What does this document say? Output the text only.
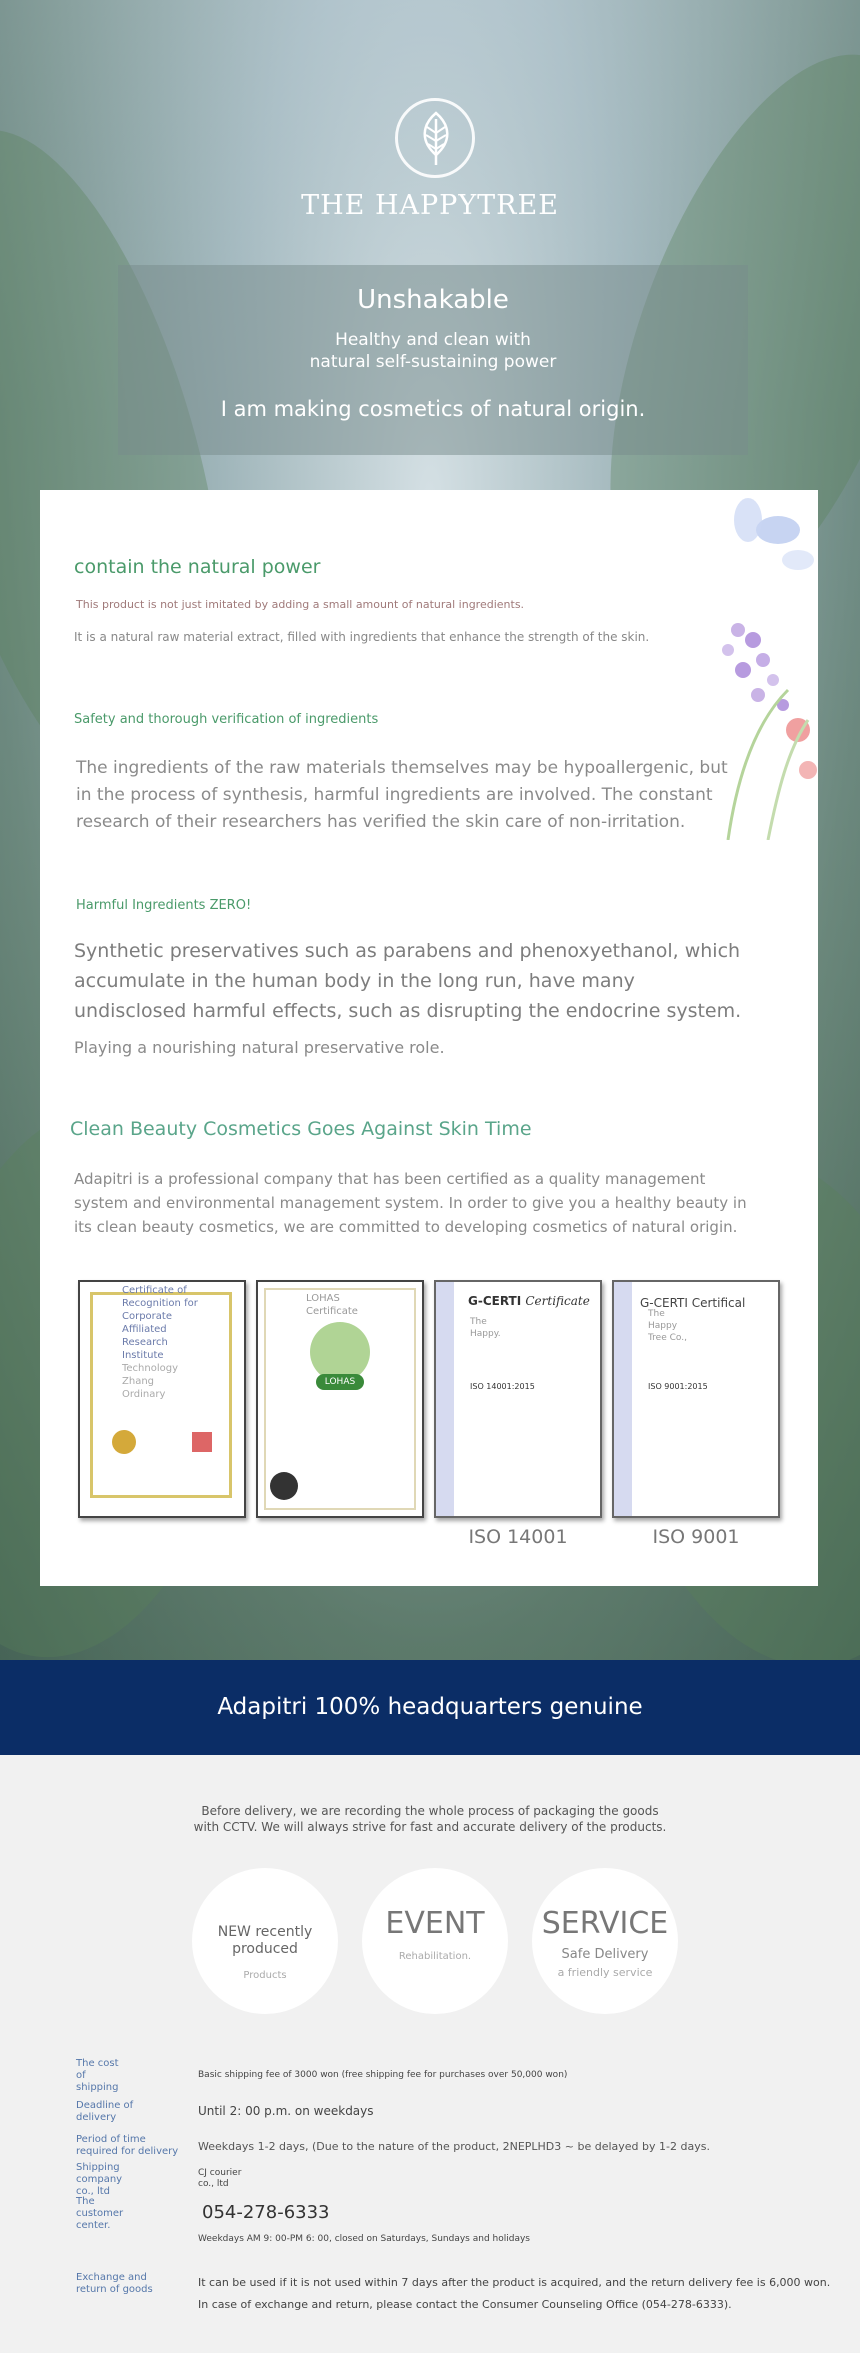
THE HAPPYTREE
Unshakable
Healthy and clean with
natural self-sustaining power
I am making cosmetics of natural origin.
contain the natural power
This product is not just imitated by adding a small amount of natural ingredients.
It is a natural raw material extract, filled with ingredients that enhance the strength of the skin.
Safety and thorough verification of ingredients
The ingredients of the raw materials themselves may be hypoallergenic, but
in the process of synthesis, harmful ingredients are involved. The constant
research of their researchers has verified the skin care of non-irritation.
Harmful Ingredients ZERO!
Synthetic preservatives such as parabens and phenoxyethanol, which
accumulate in the human body in the long run, have many
undisclosed harmful effects, such as disrupting the endocrine system.
Playing a nourishing natural preservative role.
Clean Beauty Cosmetics Goes Against Skin Time
Adapitri is a professional company that has been certified as a quality management
system and environmental management system. In order to give you a healthy beauty in
its clean beauty cosmetics, we are committed to developing cosmetics of natural origin.
Certificate of
Recognition for
Corporate
Affiliated
Research
Institute
Technology
Zhang
Ordinary
LOHAS
Certificate
LOHAS
G-CERTI Certificate
The
Happy.
ISO 14001:2015
ISO 14001
G-CERTI Certifical
The
Happy
Tree Co.,
ISO 9001:2015
ISO 9001
Adapitri 100% headquarters genuine
Before delivery, we are recording the whole process of packaging the goods
with CCTV. We will always strive for fast and accurate delivery of the products.
NEW recently
produced
Products
EVENT
Rehabilitation.
SERVICE
Safe Delivery
a friendly service
The cost
of
shipping
Basic shipping fee of 3000 won (free shipping fee for purchases over 50,000 won)
Deadline of
delivery	Until 2: 00 p.m. on weekdays
Period of time
required for delivery Weekdays 1-2 days, (Due to the nature of the product, 2NEPLHD3 ~ be delayed by 1-2 days.
Shipping
company
co., ltd
CJ courier
co., ltd
The
customer
center.
054-278-6333
Weekdays AM 9: 00-PM 6: 00, closed on Saturdays, Sundays and holidays
Exchange and
return of goods
It can be used if it is not used within 7 days after the product is acquired, and the return delivery fee is 6,000 won.
In case of exchange and return, please contact the Consumer Counseling Office (054-278-6333).
